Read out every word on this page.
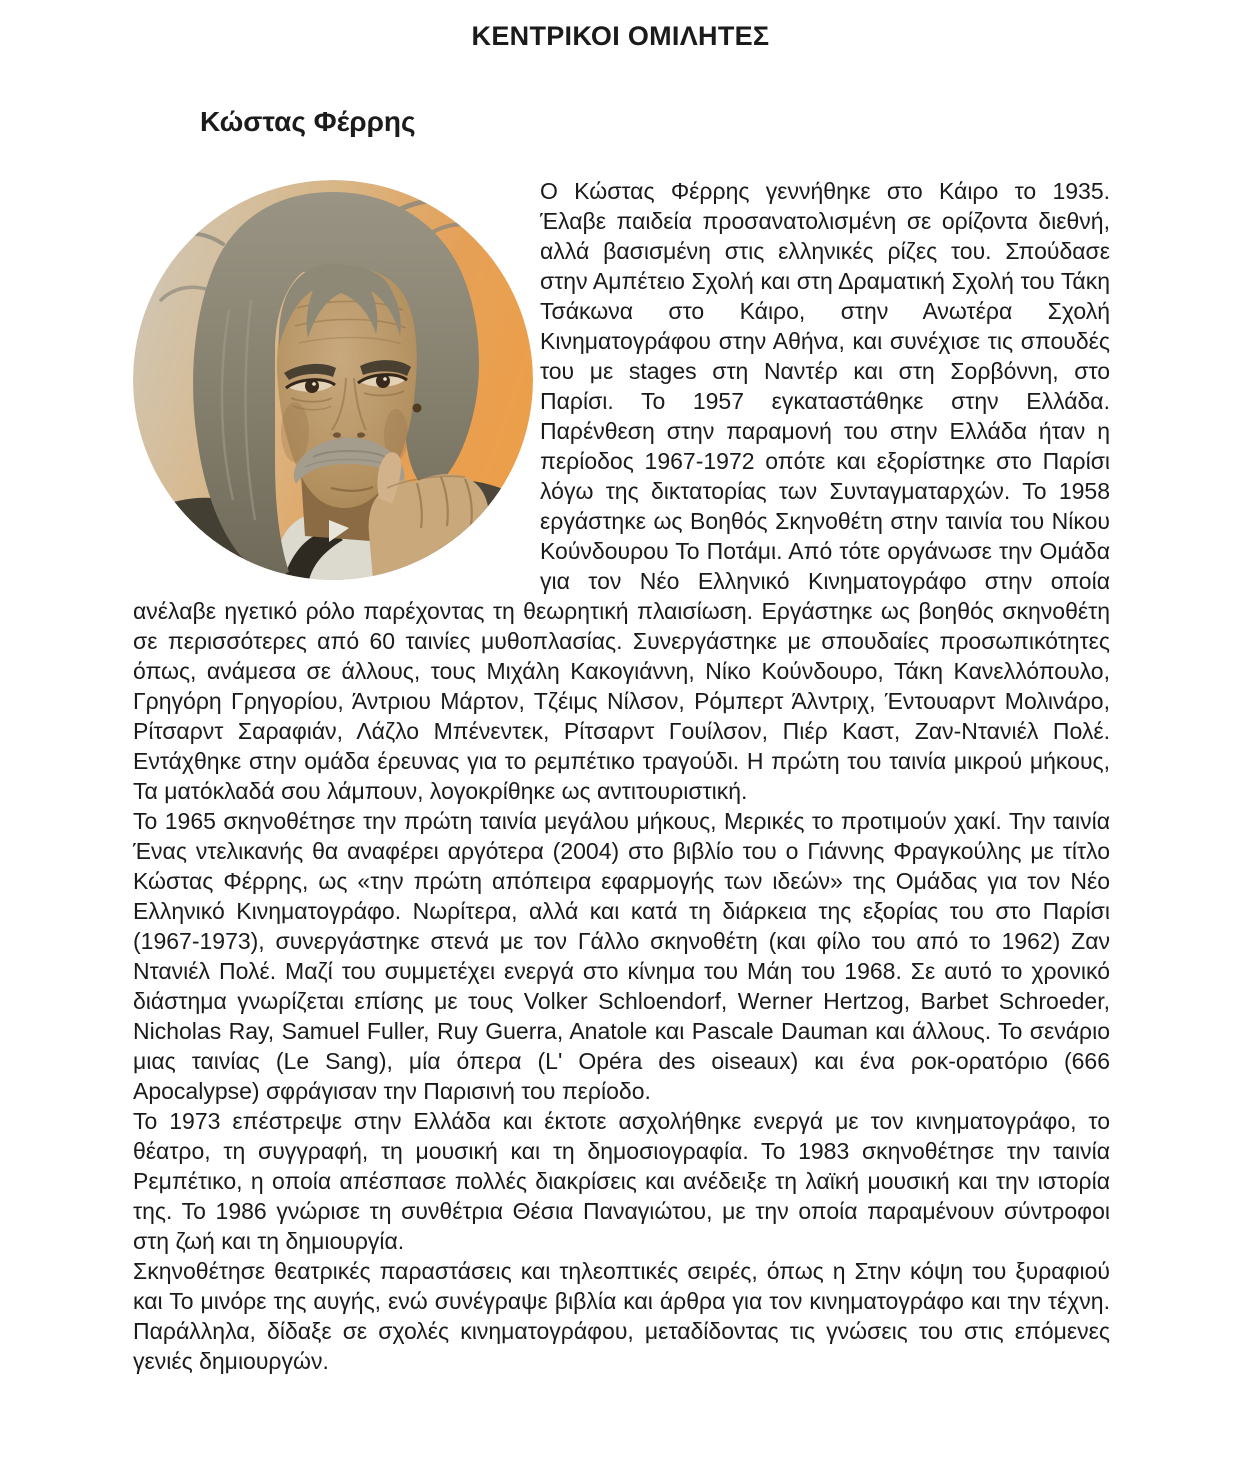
ΚΕΝΤΡΙΚΟΙ ΟΜΙΛΗΤΕΣ
Κώστας Φέρρης

Ο Κώστας Φέρρης γεννήθηκε στο Κάιρο το 1935. Έλαβε παιδεία προσανατολισμένη σε ορίζοντα διεθνή, αλλά βασισμένη στις ελληνικές ρίζες του. Σπούδασε στην Αμπέτειο Σχολή και στη Δραματική Σχολή του Τάκη Τσάκωνα στο Κάιρο, στην Ανωτέρα Σχολή Κινηματογράφου στην Αθήνα, και συνέχισε τις σπουδές του με stages στη Ναντέρ και στη Σορβόννη, στο Παρίσι. Το 1957 εγκαταστάθηκε στην Ελλάδα. Παρένθεση στην παραμονή του στην Ελλάδα ήταν η περίοδος 1967-1972 οπότε και εξορίστηκε στο Παρίσι λόγω της δικτατορίας των Συνταγματαρχών. Το 1958 εργάστηκε ως Βοηθός Σκηνοθέτη στην ταινία του Νίκου Κούνδουρου Το Ποτάμι. Από τότε οργάνωσε την Ομάδα για τον Νέο Ελληνικό Κινηματογράφο στην οποία ανέλαβε ηγετικό ρόλο παρέχοντας τη θεωρητική πλαισίωση. Εργάστηκε ως βοηθός σκηνοθέτη σε περισσότερες από 60 ταινίες μυθοπλασίας. Συνεργάστηκε με σπουδαίες προσωπικότητες όπως, ανάμεσα σε άλλους, τους Μιχάλη Κακογιάννη, Νίκο Κούνδουρο, Τάκη Κανελλόπουλο, Γρηγόρη Γρηγορίου, Άντριου Μάρτον, Τζέιμς Νίλσον, Ρόμπερτ Άλντριχ, Έντουαρντ Μολινάρο, Ρίτσαρντ Σαραφιάν, Λάζλο Μπένεντεκ, Ρίτσαρντ Γουίλσον, Πιέρ Καστ, Ζαν-Ντανιέλ Πολέ. Εντάχθηκε στην ομάδα έρευνας για το ρεμπέτικο τραγούδι. Η πρώτη του ταινία μικρού μήκους, Τα ματόκλαδά σου λάμπουν, λογοκρίθηκε ως αντιτουριστική.

Το 1965 σκηνοθέτησε την πρώτη ταινία μεγάλου μήκους, Μερικές το προτιμούν χακί. Την ταινία Ένας ντελικανής θα αναφέρει αργότερα (2004) στο βιβλίο του ο Γιάννης Φραγκούλης με τίτλο Κώστας Φέρρης, ως «την πρώτη απόπειρα εφαρμογής των ιδεών» της Ομάδας για τον Νέο Ελληνικό Κινηματογράφο. Νωρίτερα, αλλά και κατά τη διάρκεια της εξορίας του στο Παρίσι (1967-1973), συνεργάστηκε στενά με τον Γάλλο σκηνοθέτη (και φίλο του από το 1962) Ζαν Ντανιέλ Πολέ. Μαζί του συμμετέχει ενεργά στο κίνημα του Μάη του 1968. Σε αυτό το χρονικό διάστημα γνωρίζεται επίσης με τους Volker Schloendorf, Werner Hertzog, Barbet Schroeder, Nicholas Ray, Samuel Fuller, Ruy Guerra, Anatole και Pascale Dauman και άλλους. Το σενάριο μιας ταινίας (Le Sang), μία όπερα (L' Opéra des oiseaux) και ένα ροκ-ορατόριο (666 Apocalypse) σφράγισαν την Παρισινή του περίοδο.

Το 1973 επέστρεψε στην Ελλάδα και έκτοτε ασχολήθηκε ενεργά με τον κινηματογράφο, το θέατρο, τη συγγραφή, τη μουσική και τη δημοσιογραφία. Το 1983 σκηνοθέτησε την ταινία Ρεμπέτικο, η οποία απέσπασε πολλές διακρίσεις και ανέδειξε τη λαϊκή μουσική και την ιστορία της. Το 1986 γνώρισε τη συνθέτρια Θέσια Παναγιώτου, με την οποία παραμένουν σύντροφοι στη ζωή και τη δημιουργία.

Σκηνοθέτησε θεατρικές παραστάσεις και τηλεοπτικές σειρές, όπως η Στην κόψη του ξυραφιού και Το μινόρε της αυγής, ενώ συνέγραψε βιβλία και άρθρα για τον κινηματογράφο και την τέχνη. Παράλληλα, δίδαξε σε σχολές κινηματογράφου, μεταδίδοντας τις γνώσεις του στις επόμενες γενιές δημιουργών.
